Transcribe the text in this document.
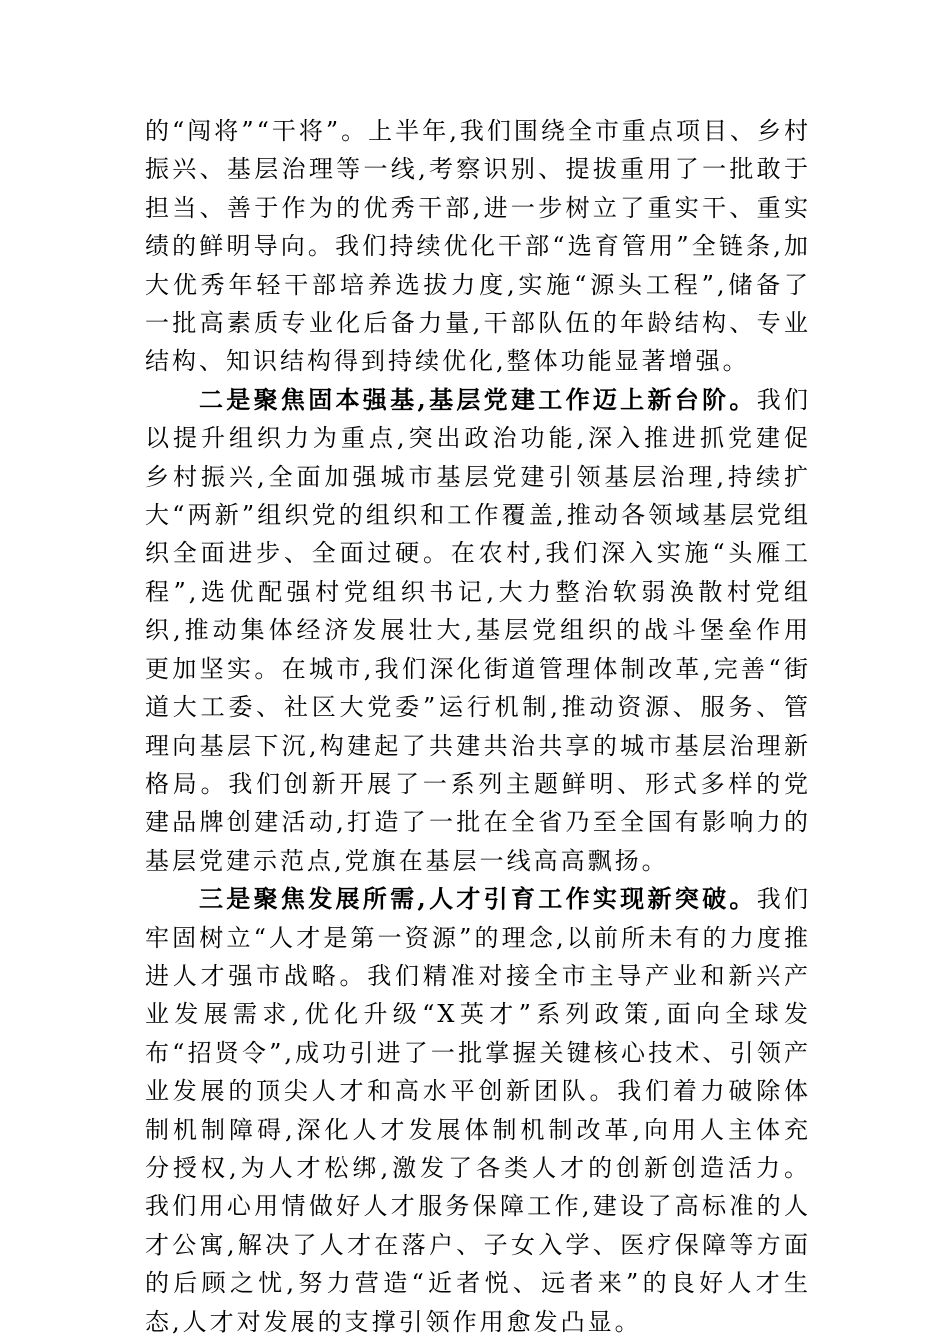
的“闯将”“干将”。上半年,我们围绕全市重点项目、乡村振兴、基层治理等一线,考察识别、提拔重用了一批敢于担当、善于作为的优秀干部,进一步树立了重实干、重实绩的鲜明导向。我们持续优化干部“选育管用”全链条,加大优秀年轻干部培养选拔力度,实施“源头工程”,储备了一批高素质专业化后备力量,干部队伍的年龄结构、专业结构、知识结构得到持续优化,整体功能显著增强。

二是聚焦固本强基,基层党建工作迈上新台阶。我们以提升组织力为重点,突出政治功能,深入推进抓党建促乡村振兴,全面加强城市基层党建引领基层治理,持续扩大“两新”组织党的组织和工作覆盖,推动各领域基层党组织全面进步、全面过硬。在农村,我们深入实施“头雁工程”,选优配强村党组织书记,大力整治软弱涣散村党组织,推动集体经济发展壮大,基层党组织的战斗堡垒作用更加坚实。在城市,我们深化街道管理体制改革,完善“街道大工委、社区大党委”运行机制,推动资源、服务、管理向基层下沉,构建起了共建共治共享的城市基层治理新格局。我们创新开展了一系列主题鲜明、形式多样的党建品牌创建活动,打造了一批在全省乃至全国有影响力的基层党建示范点,党旗在基层一线高高飘扬。

三是聚焦发展所需,人才引育工作实现新突破。我们牢固树立“人才是第一资源”的理念,以前所未有的力度推进人才强市战略。我们精准对接全市主导产业和新兴产业发展需求,优化升级“X英才”系列政策,面向全球发布“招贤令”,成功引进了一批掌握关键核心技术、引领产业发展的顶尖人才和高水平创新团队。我们着力破除体制机制障碍,深化人才发展体制机制改革,向用人主体充分授权,为人才松绑,激发了各类人才的创新创造活力。我们用心用情做好人才服务保障工作,建设了高标准的人才公寓,解决了人才在落户、子女入学、医疗保障等方面的后顾之忧,努力营造“近者悦、远者来”的良好人才生态,人才对发展的支撑引领作用愈发凸显。
